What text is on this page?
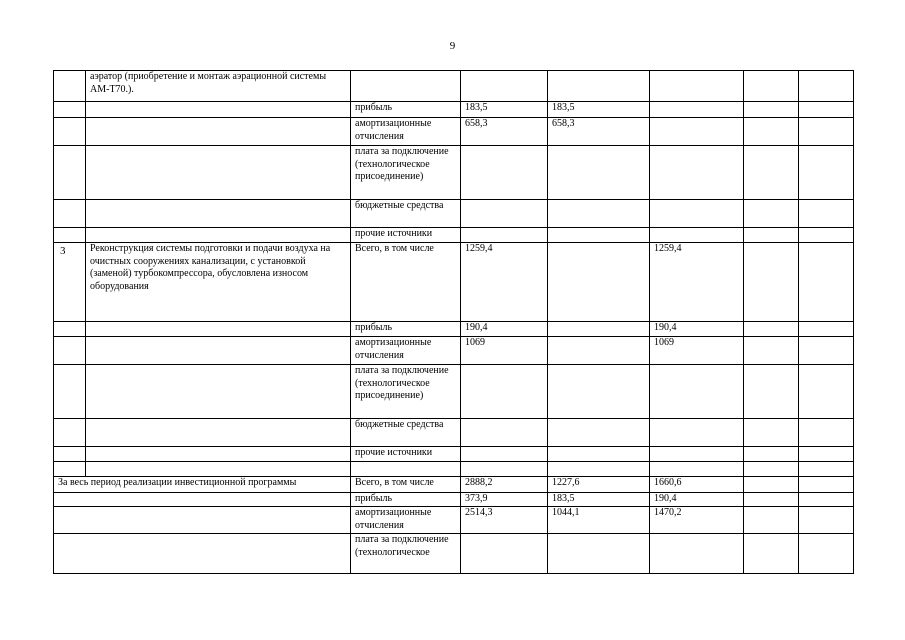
9
	аэратор (приобретение и монтаж аэрационной системы АМ-Т70.).						
		прибыль	183,5	183,5			
		амортизационные отчисления	658,3	658,3			
		плата за подключение (технологическое присоединение)					
		бюджетные средства					
		прочие источники					
3	Реконструкция системы подготовки и подачи воздуха на очистных сооружениях канализации, с установкой (заменой) турбокомпрессора, обусловлена износом оборудования	Всего, в том числе	1259,4		1259,4		
		прибыль	190,4		190,4		
		амортизационные отчисления	1069		1069		
		плата за подключение (технологическое присоединение)					
		бюджетные средства					
		прочие источники					

За весь период реализации инвестиционной программы		Всего, в том числе	2888,2	1227,6	1660,6		
		прибыль	373,9	183,5	190,4		
		амортизационные отчисления	2514,3	1044,1	1470,2		
		плата за подключение (технологическое					
